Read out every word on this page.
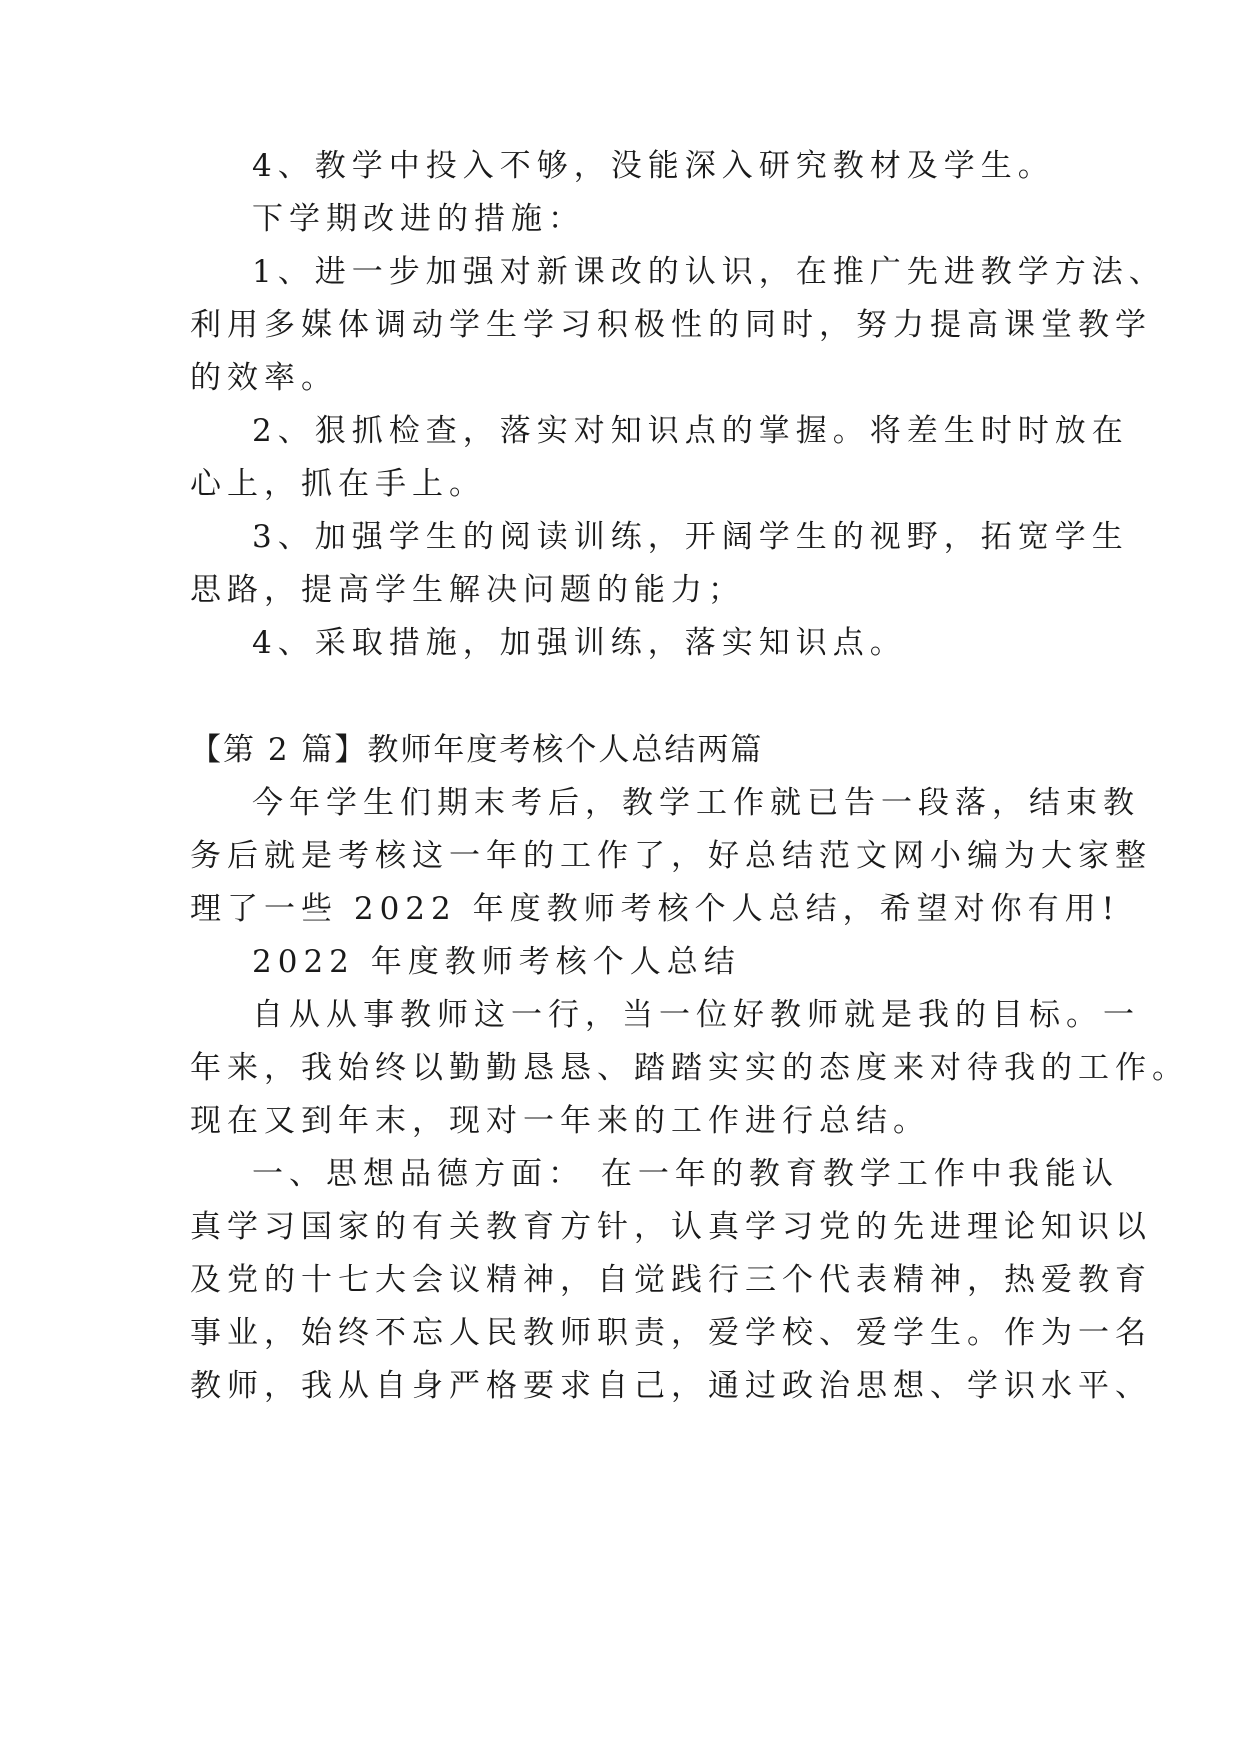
4、教学中投入不够，没能深入研究教材及学生。
下学期改进的措施：
1、进一步加强对新课改的认识，在推广先进教学方法、
利用多媒体调动学生学习积极性的同时，努力提高课堂教学
的效率。
2、狠抓检查，落实对知识点的掌握。将差生时时放在
心上，抓在手上。
3、加强学生的阅读训练，开阔学生的视野，拓宽学生
思路，提高学生解决问题的能力；
4、采取措施，加强训练，落实知识点。
【第 2 篇】教师年度考核个人总结两篇
今年学生们期末考后，教学工作就已告一段落，结束教
务后就是考核这一年的工作了，好总结范文网小编为大家整
理了一些 2022 年度教师考核个人总结，希望对你有用!
2022 年度教师考核个人总结
自从从事教师这一行，当一位好教师就是我的目标。一
年来，我始终以勤勤恳恳、踏踏实实的态度来对待我的工作。
现在又到年末，现对一年来的工作进行总结。
一、思想品德方面： 在一年的教育教学工作中我能认
真学习国家的有关教育方针，认真学习党的先进理论知识以
及党的十七大会议精神，自觉践行三个代表精神，热爱教育
事业，始终不忘人民教师职责，爱学校、爱学生。作为一名
教师，我从自身严格要求自己，通过政治思想、学识水平、
